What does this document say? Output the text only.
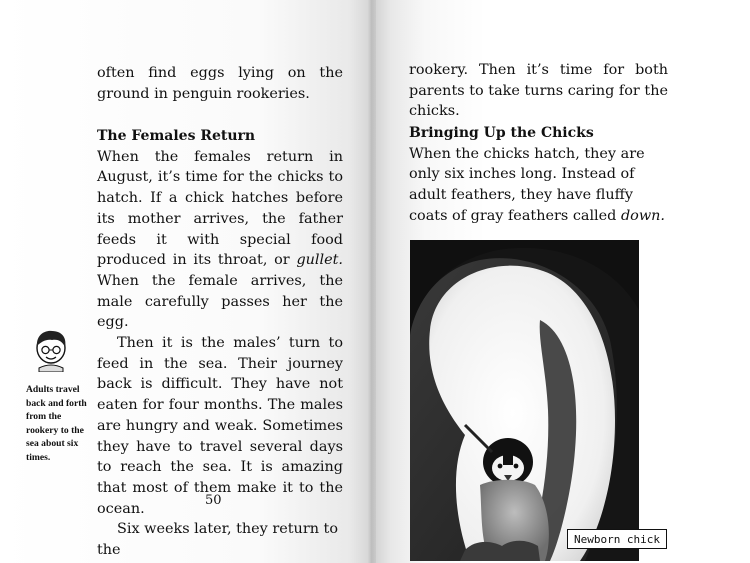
often find eggs lying on the ground in penguin rookeries.

The Females Return

When the females return in August, it’s time for the chicks to hatch. If a chick hatches before its mother arrives, the father feeds it with special food produced in its throat, or gullet. When the female arrives, the male carefully passes her the egg.

Then it is the males’ turn to feed in the sea. Their journey back is difficult. They have not eaten for four months. The males are hungry and weak. Sometimes they have to travel several days to reach the sea. It is amazing that most of them make it to the ocean.

Six weeks later, they return to the

Adults travel back and forth from the rookery to the sea about six times.
50

rookery. Then it’s time for both parents to take turns caring for the chicks.

Bringing Up the Chicks

When the chicks hatch, they are only six inches long. Instead of adult feathers, they have fluffy coats of gray feathers called down.

Newborn chick
